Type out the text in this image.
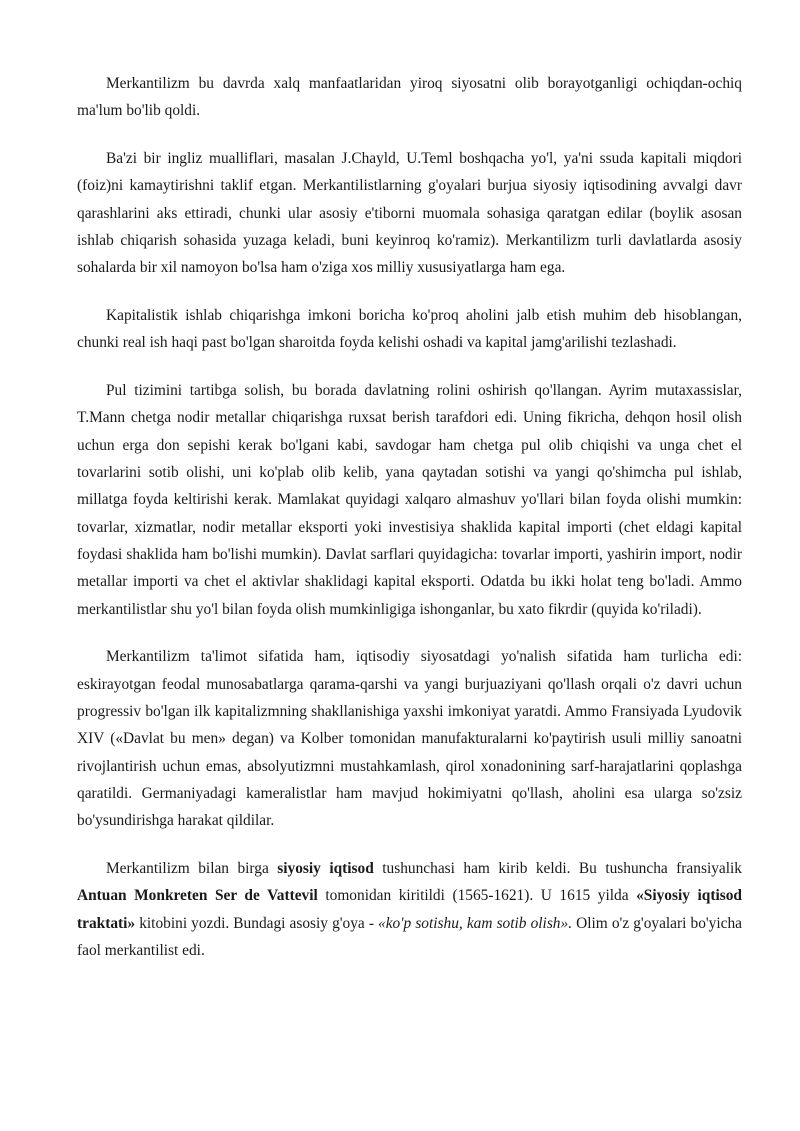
Merkantilizm bu davrda xalq manfaatlaridan yiroq siyosatni olib borayotganligi ochiqdan-ochiq ma'lum bo'lib qoldi.

Ba'zi bir ingliz mualliflari, masalan J.Chayld, U.Teml boshqacha yo'l, ya'ni ssuda kapitali miqdori (foiz)ni kamaytirishni taklif etgan. Merkantilistlarning g'oyalari burjua siyosiy iqtisodining avvalgi davr qarashlarini aks ettiradi, chunki ular asosiy e'tiborni muomala sohasiga qaratgan edilar (boylik asosan ishlab chiqarish sohasida yuzaga keladi, buni keyinroq ko'ramiz). Merkantilizm turli davlatlarda asosiy sohalarda bir xil namoyon bo'lsa ham o'ziga xos milliy xususiyatlarga ham ega.

Kapitalistik ishlab chiqarishga imkoni boricha ko'proq aholini jalb etish muhim deb hisoblangan, chunki real ish haqi past bo'lgan sharoitda foyda kelishi oshadi va kapital jamg'arilishi tezlashadi.

Pul tizimini tartibga solish, bu borada davlatning rolini oshirish qo'llangan. Ayrim mutaxassislar, T.Mann chetga nodir metallar chiqarishga ruxsat berish tarafdori edi. Uning fikricha, dehqon hosil olish uchun erga don sepishi kerak bo'lgani kabi, savdogar ham chetga pul olib chiqishi va unga chet el tovarlarini sotib olishi, uni ko'plab olib kelib, yana qaytadan sotishi va yangi qo'shimcha pul ishlab, millatga foyda keltirishi kerak. Mamlakat quyidagi xalqaro almashuv yo'llari bilan foyda olishi mumkin: tovarlar, xizmatlar, nodir metallar eksporti yoki investisiya shaklida kapital importi (chet eldagi kapital foydasi shaklida ham bo'lishi mumkin). Davlat sarflari quyidagicha: tovarlar importi, yashirin import, nodir metallar importi va chet el aktivlar shaklidagi kapital eksporti. Odatda bu ikki holat teng bo'ladi. Ammo merkantilistlar shu yo'l bilan foyda olish mumkinligiga ishonganlar, bu xato fikrdir (quyida ko'riladi).

Merkantilizm ta'limot sifatida ham, iqtisodiy siyosatdagi yo'nalish sifatida ham turlicha edi: eskirayotgan feodal munosabatlarga qarama-qarshi va yangi burjuaziyani qo'llash orqali o'z davri uchun progressiv bo'lgan ilk kapitalizmning shakllanishiga yaxshi imkoniyat yaratdi. Ammo Fransiyada Lyudovik XIV («Davlat bu men» degan) va Kolber tomonidan manufakturalarni ko'paytirish usuli milliy sanoatni rivojlantirish uchun emas, absolyutizmni mustahkamlash, qirol xonadonining sarf-harajatlarini qoplashga qaratildi. Germaniyadagi kameralistlar ham mavjud hokimiyatni qo'llash, aholini esa ularga so'zsiz bo'ysundirishga harakat qildilar.

Merkantilizm bilan birga siyosiy iqtisod tushunchasi ham kirib keldi. Bu tushuncha fransiyalik Antuan Monkreten Ser de Vattevil tomonidan kiritildi (1565-1621). U 1615 yilda «Siyosiy iqtisod traktati» kitobini yozdi. Bundagi asosiy g'oya - «ko'p sotishu, kam sotib olish». Olim o'z g'oyalari bo'yicha faol merkantilist edi.
